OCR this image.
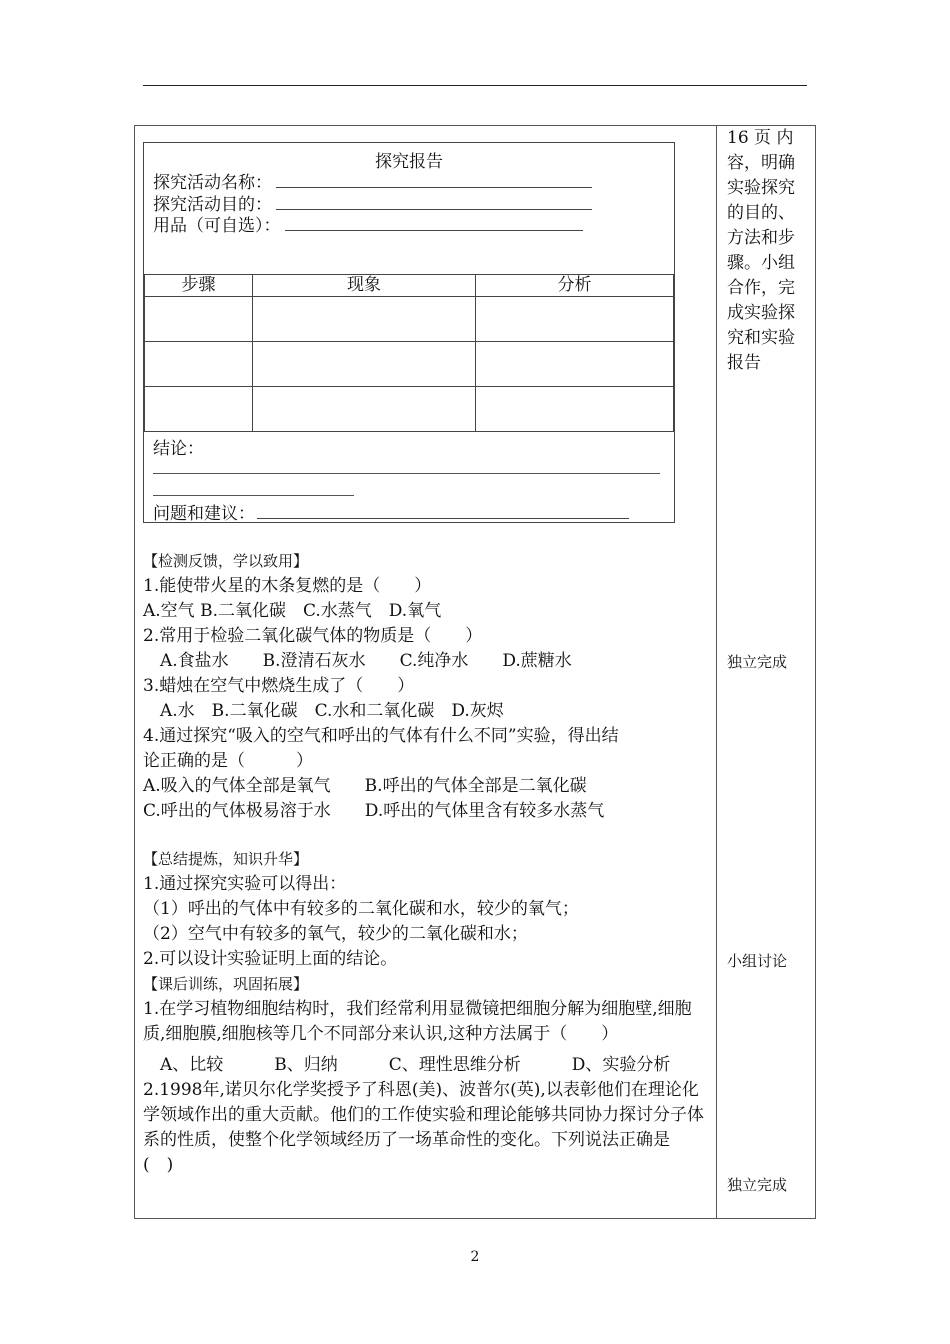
探究报告
探究活动名称：
探究活动目的：
用品（可自选）：
步骤	现象	分析

结论：
问题和建议：
【检测反馈，学以致用】
1.能使带火星的木条复燃的是（　　）
A.空气 B.二氧化碳　C.水蒸气　D.氧气
2.常用于检验二氧化碳气体的物质是（　　）
　A.食盐水　　B.澄清石灰水　　C.纯净水　　D.蔗糖水
3.蜡烛在空气中燃烧生成了（　　）
　A.水　B.二氧化碳　C.水和二氧化碳　D.灰烬
4.通过探究“吸入的空气和呼出的气体有什么不同”实验，得出结
论正确的是（　　　）
A.吸入的气体全部是氧气　　B.呼出的气体全部是二氧化碳
C.呼出的气体极易溶于水　　D.呼出的气体里含有较多水蒸气
【总结提炼，知识升华】
1.通过探究实验可以得出：
（1）呼出的气体中有较多的二氧化碳和水，较少的氧气；
（2）空气中有较多的氧气，较少的二氧化碳和水；
2.可以设计实验证明上面的结论。
【课后训练，巩固拓展】
1.在学习植物细胞结构时，我们经常利用显微镜把细胞分解为细胞壁,细胞质,细胞膜,细胞核等几个不同部分来认识,这种方法属于（　　）
　A、比较　　　B、归纳　　　C、理性思维分析　　　D、实验分析
2.1998年,诺贝尔化学奖授予了科恩(美)、波普尔(英),以表彰他们在理论化学领域作出的重大贡献。他们的工作使实验和理论能够共同协力探讨分子体系的性质，使整个化学领域经历了一场革命性的变化。下列说法正确是　(　)
16 页 内容，明确实验探究的目的、方法和步骤。小组合作，完成实验探究和实验报告
独立完成
小组讨论
独立完成
2
